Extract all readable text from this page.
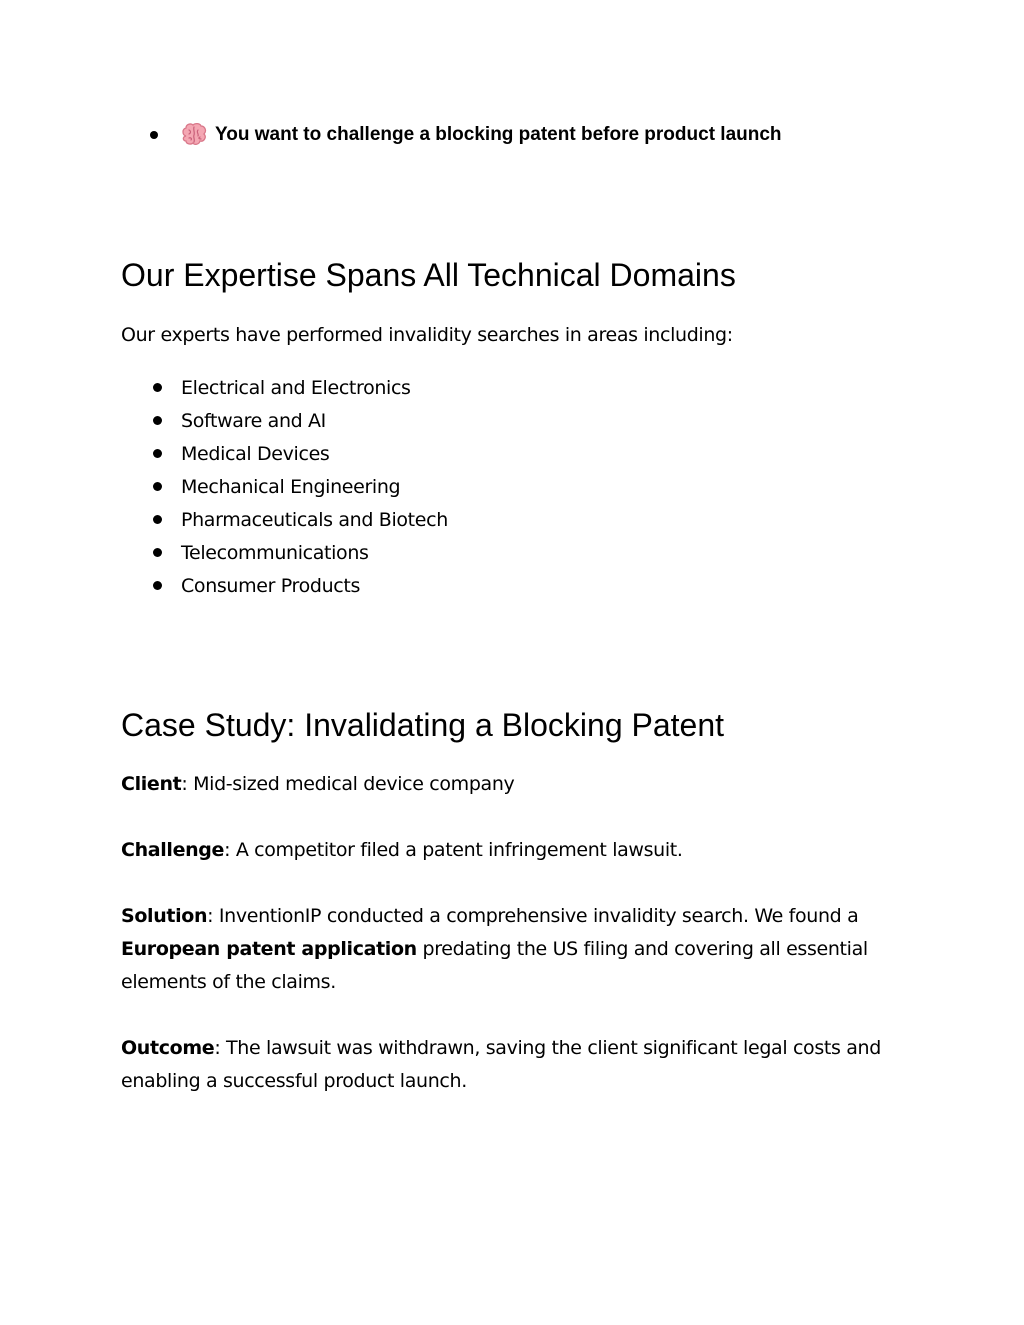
You want to challenge a blocking patent before product launch
Our Expertise Spans All Technical Domains
Our experts have performed invalidity searches in areas including:
Electrical and Electronics
Software and AI
Medical Devices
Mechanical Engineering
Pharmaceuticals and Biotech
Telecommunications
Consumer Products
Case Study: Invalidating a Blocking Patent

Client: Mid-sized medical device company

Challenge: A competitor filed a patent infringement lawsuit.

Solution: InventionIP conducted a comprehensive invalidity search. We found a European patent application predating the US filing and covering all essential elements of the claims.

Outcome: The lawsuit was withdrawn, saving the client significant legal costs and enabling a successful product launch.
